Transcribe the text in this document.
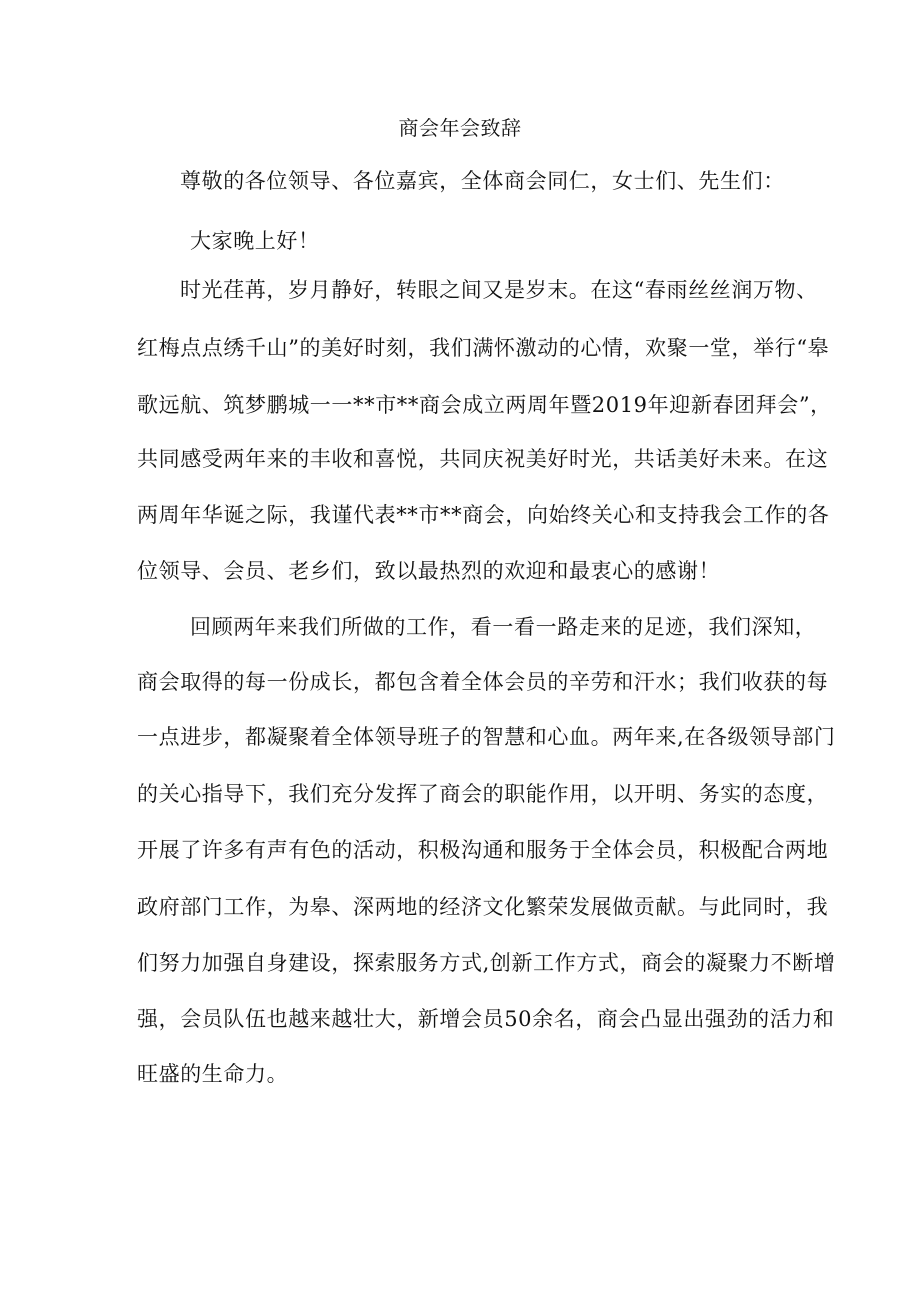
商会年会致辞
尊敬的各位领导、各位嘉宾，全体商会同仁，女士们、先生们：
大家晚上好！
时光荏苒，岁月静好，转眼之间又是岁末。在这“春雨丝丝润万物、
红梅点点绣千山”的美好时刻，我们满怀激动的心情，欢聚一堂，举行“皋
歌远航、筑梦鹏城一一**市**商会成立两周年暨2019年迎新春团拜会”，
共同感受两年来的丰收和喜悦，共同庆祝美好时光，共话美好未来。在这
两周年华诞之际，我谨代表**市**商会，向始终关心和支持我会工作的各
位领导、会员、老乡们，致以最热烈的欢迎和最衷心的感谢！
回顾两年来我们所做的工作，看一看一路走来的足迹，我们深知，
商会取得的每一份成长，都包含着全体会员的辛劳和汗水；我们收获的每
一点进步，都凝聚着全体领导班子的智慧和心血。两年来,在各级领导部门
的关心指导下，我们充分发挥了商会的职能作用，以开明、务实的态度，
开展了许多有声有色的活动，积极沟通和服务于全体会员，积极配合两地
政府部门工作，为皋、深两地的经济文化繁荣发展做贡献。与此同时，我
们努力加强自身建设，探索服务方式,创新工作方式，商会的凝聚力不断增
强，会员队伍也越来越壮大，新增会员50余名，商会凸显出强劲的活力和
旺盛的生命力。
